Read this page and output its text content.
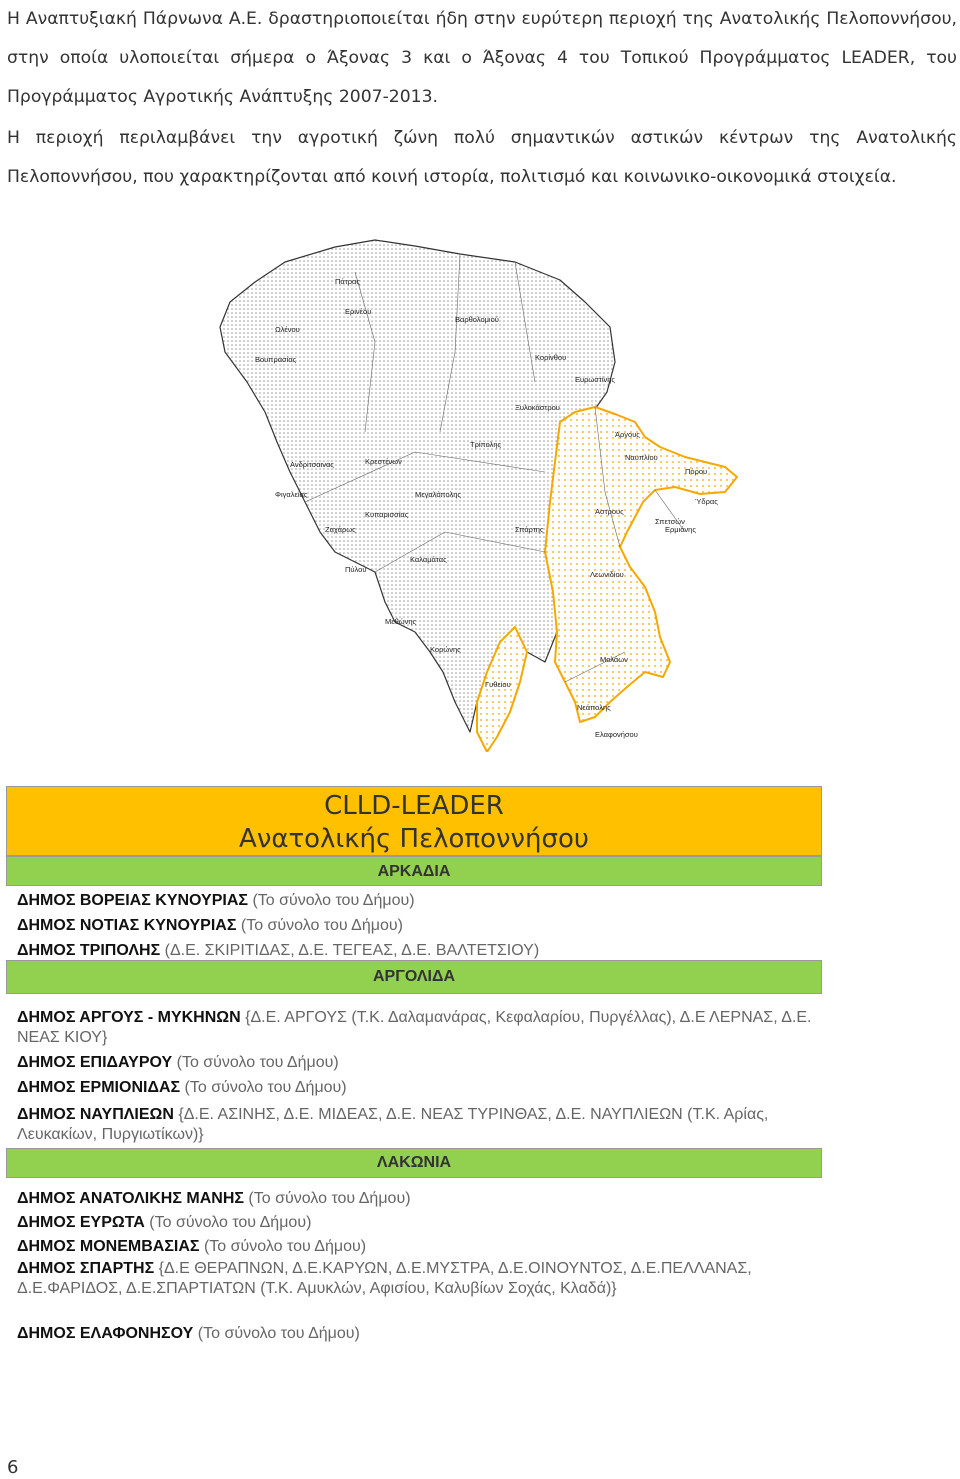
Η Αναπτυξιακή Πάρνωνα Α.Ε. δραστηριοποιείται ήδη στην ευρύτερη περιοχή της Ανατολικής Πελοποννήσου, στην οποία υλοποιείται σήμερα ο Άξονας 3 και ο Άξονας 4 του Τοπικού Προγράμματος LEADER, του Προγράμματος Αγροτικής Ανάπτυξης 2007-2013.

Η περιοχή περιλαμβάνει την αγροτική ζώνη πολύ σημαντικών αστικών κέντρων της Ανατολικής Πελοποννήσου, που χαρακτηρίζονται από κοινή ιστορία, πολιτισμό και κοινωνικο-οικονομικά στοιχεία.

Πάτρας
Ερινέου
Ωλένου
Βουπρασίας
Βαρθολομιού
Κορίνθου
Ξυλοκάστρου
Ευρωστίνης
Ανδρίτσαινας
Φιγαλείας
Ζαχάρως
Τρίπολης
Κρεστένων
Κυπαρισσίας
Μεγαλόπολης
Καλαμάτας
Πύλου
Μεθώνης
Κορώνης
Σπάρτης
Γυθείου
Ερμιόνης
Ύδρας
Πόρου
Σπετσών
Άργους
Ναυπλίου
Αστρους
Λεωνιδίου
Μολάων
Νεάπολης
Ελαφονήσου
CLLD-LEADER
Ανατολικής Πελοποννήσου
ΑΡΚΑΔΙΑ
ΔΗΜΟΣ ΒΟΡΕΙΑΣ ΚΥΝΟΥΡΙΑΣ (Το σύνολο του Δήμου)
ΔΗΜΟΣ ΝΟΤΙΑΣ ΚΥΝΟΥΡΙΑΣ (Το σύνολο του Δήμου)
ΔΗΜΟΣ ΤΡΙΠΟΛΗΣ (Δ.Ε. ΣΚΙΡΙΤΙΔΑΣ, Δ.Ε. ΤΕΓΕΑΣ, Δ.Ε. ΒΑΛΤΕΤΣΙΟΥ)
ΑΡΓΟΛΙΔΑ
ΔΗΜΟΣ ΑΡΓΟΥΣ - ΜΥΚΗΝΩΝ {Δ.Ε. ΑΡΓΟΥΣ (Τ.Κ. Δαλαμανάρας, Κεφαλαρίου, Πυργέλλας), Δ.Ε ΛΕΡΝΑΣ, Δ.Ε. ΝΕΑΣ ΚΙΟΥ}
ΔΗΜΟΣ ΕΠΙΔΑΥΡΟΥ (Το σύνολο του Δήμου)
ΔΗΜΟΣ ΕΡΜΙΟΝΙΔΑΣ (Το σύνολο του Δήμου)
ΔΗΜΟΣ ΝΑΥΠΛΙΕΩΝ {Δ.Ε. ΑΣΙΝΗΣ, Δ.Ε. ΜΙΔΕΑΣ, Δ.Ε. ΝΕΑΣ ΤΥΡΙΝΘΑΣ, Δ.Ε. ΝΑΥΠΛΙΕΩΝ (Τ.Κ. Αρίας, Λευκακίων, Πυργιωτίκων)}
ΛΑΚΩΝΙΑ
ΔΗΜΟΣ ΑΝΑΤΟΛΙΚΗΣ ΜΑΝΗΣ (Το σύνολο του Δήμου)
ΔΗΜΟΣ ΕΥΡΩΤΑ (Το σύνολο του Δήμου)
ΔΗΜΟΣ ΜΟΝΕΜΒΑΣΙΑΣ (Το σύνολο του Δήμου)
ΔΗΜΟΣ ΣΠΑΡΤΗΣ {Δ.Ε ΘΕΡΑΠΝΩΝ, Δ.Ε.ΚΑΡΥΩΝ, Δ.Ε.ΜΥΣΤΡΑ, Δ.Ε.ΟΙΝΟΥΝΤΟΣ, Δ.Ε.ΠΕΛΛΑΝΑΣ, Δ.Ε.ΦΑΡΙΔΟΣ, Δ.Ε.ΣΠΑΡΤΙΑΤΩΝ (Τ.Κ. Αμυκλών, Αφισίου, Καλυβίων Σοχάς, Κλαδά)}
ΔΗΜΟΣ ΕΛΑΦΟΝΗΣΟΥ (Το σύνολο του Δήμου)
6
